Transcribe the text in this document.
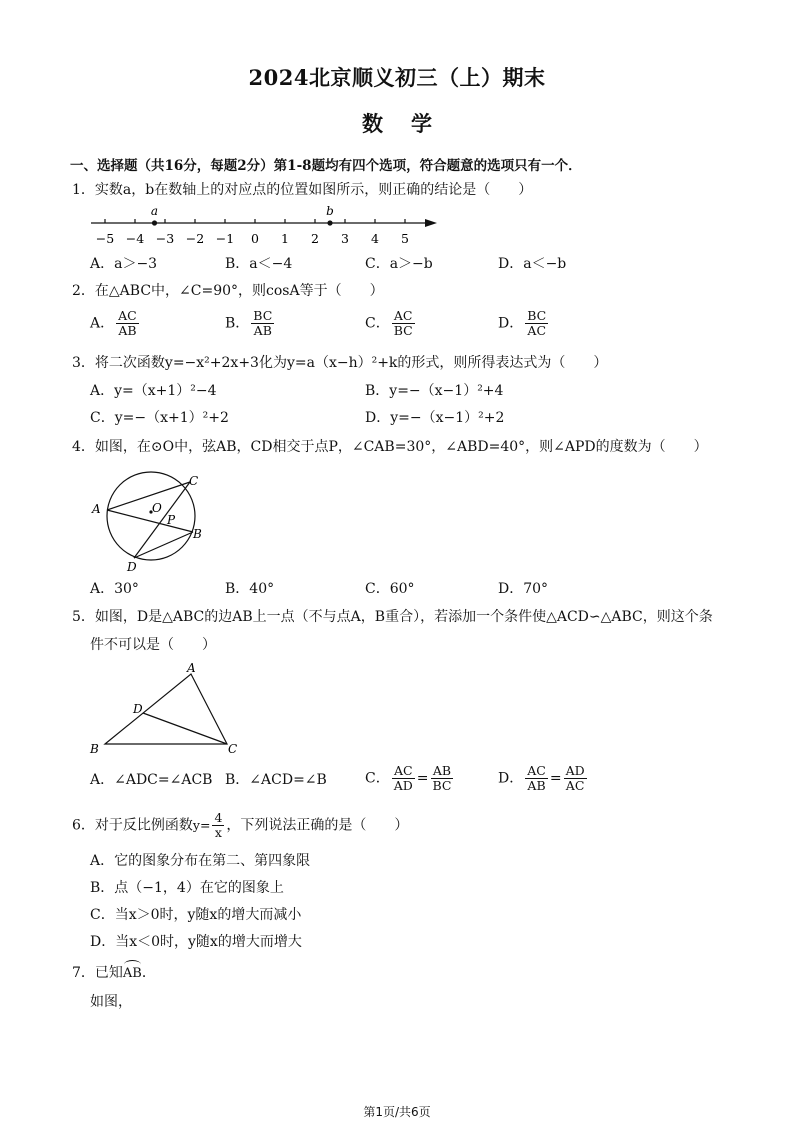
2024北京顺义初三（上）期末
数学
一、选择题（共16分，每题2分）第1-8题均有四个选项，符合题意的选项只有一个．
1．实数a，b在数轴上的对应点的位置如图所示，则正确的结论是（　　）
−5 −4 −3 −2 −1 0 1 2 3 4 5
a	b
A．a＞−3	B．a＜−4	C．a＞−b	D．a＜−b
2．在△ABC中，∠C=90°，则cosA等于（　　）
A． $\frac{AC}{AB}$	B． $\frac{BC}{AB}$	C． $\frac{AC}{BC}$	D． $\frac{BC}{AC}$
3．将二次函数y=−x²+2x+3化为y=a（x−h）²+k的形式，则所得表达式为（　　）
A．y=（x+1）²−4	B．y=−（x−1）²+4
C．y=−（x+1）²+2	D．y=−（x−1）²+2
4．如图，在⊙O中，弦AB，CD相交于点P，∠CAB=30°，∠ABD=40°，则∠APD的度数为（　　）
A
C
B
D
O
P
A．30°	B．40°	C．60°	D．70°
5．如图，D是△ABC的边AB上一点（不与点A，B重合），若添加一个条件使△ACD∽△ABC，则这个条
件不可以是（　　）
A
B	C
D
A．∠ADC=∠ACB B．∠ACD=∠B	C． $\frac{AC}{AD} = \frac{AB}{BC}$	D． $\frac{AC}{AB} = \frac{AD}{AC}$
6．对于反比例函数$y= \frac{4}{x}$ ，下列说法正确的是（　　）
A．它的图象分布在第二、第四象限
B．点（−1，4）在它的图象上
C．当x＞0时，y随x的增大而减小
D．当x＜0时，y随x的增大而增大
7．已知AB．
如图，
第1页/共6页
